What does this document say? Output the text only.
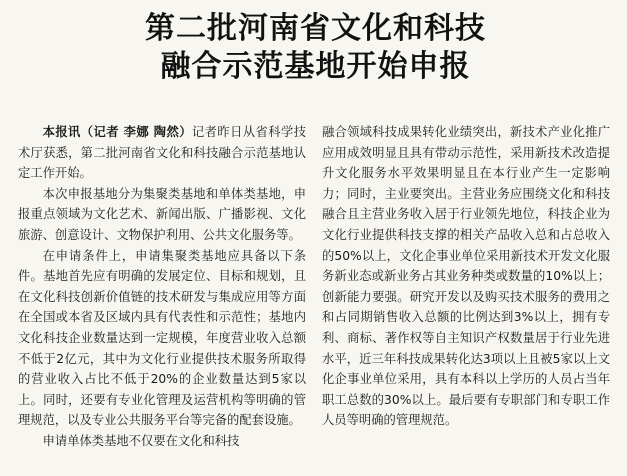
第二批河南省文化和科技
融合示范基地开始申报

本报讯（记者 李娜 陶然）记者昨日从省科学技术厅获悉，第二批河南省文化和科技融合示范基地认定工作开始。

本次申报基地分为集聚类基地和单体类基地，申报重点领域为文化艺术、新闻出版、广播影视、文化旅游、创意设计、文物保护利用、公共文化服务等。

在申请条件上，申请集聚类基地应具备以下条件。基地首先应有明确的发展定位、目标和规划，且在文化科技创新价值链的技术研发与集成应用等方面在全国或本省及区域内具有代表性和示范性；基地内文化科技企业数量达到一定规模，年度营业收入总额不低于2亿元，其中为文化行业提供技术服务所取得的营业收入占比不低于20%的企业数量达到5家以上。同时，还要有专业化管理及运营机构等明确的管理规范，以及专业公共服务平台等完备的配套设施。

申请单体类基地不仅要在文化和科技

融合领域科技成果转化业绩突出，新技术产业化推广应用成效明显且具有带动示范性，采用新技术改造提升文化服务水平效果明显且在本行业产生一定影响力；同时，主业要突出。主营业务应围绕文化和科技融合且主营业务收入居于行业领先地位，科技企业为文化行业提供科技支撑的相关产品收入总和占总收入的50%以上，文化企事业单位采用新技术开发文化服务新业态或新业务占其业务种类或数量的10%以上；创新能力要强。研究开发以及购买技术服务的费用之和占同期销售收入总额的比例达到3%以上，拥有专利、商标、著作权等自主知识产权数量居于行业先进水平，近三年科技成果转化达3项以上且被5家以上文化企事业单位采用，具有本科以上学历的人员占当年职工总数的30%以上。最后要有专职部门和专职工作人员等明确的管理规范。
